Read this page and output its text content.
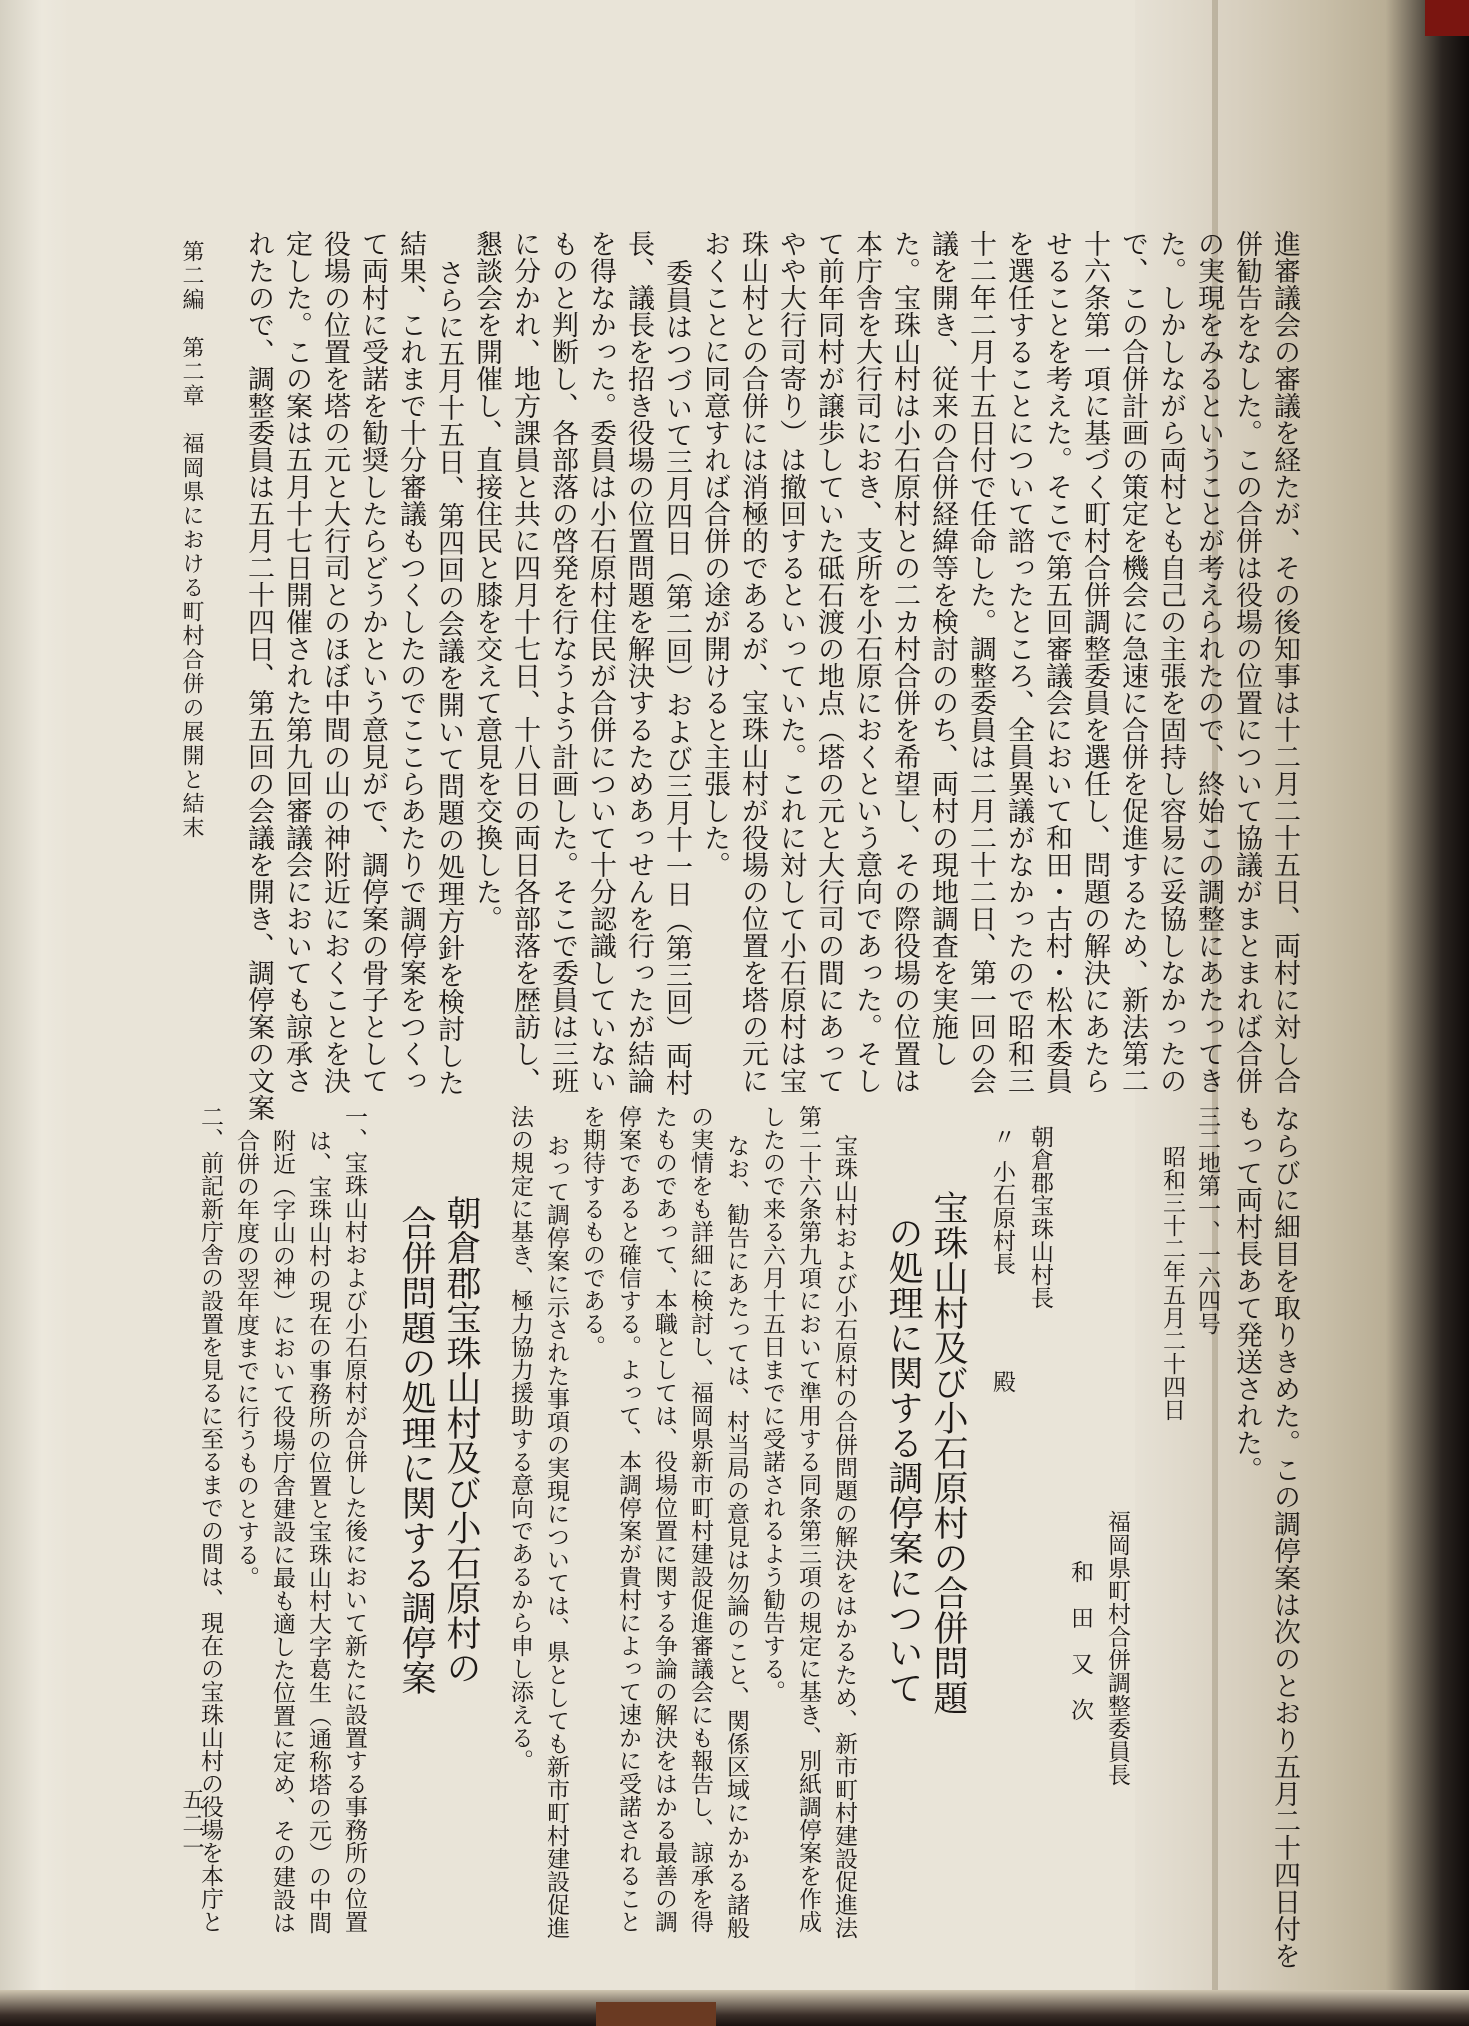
進審議会の審議を経たが、その後知事は十二月二十五日、両村に対し合
併勧告をなした。この合併は役場の位置について協議がまとまれば合併
の実現をみるということが考えられたので、終始この調整にあたってき
た。しかしながら両村とも自己の主張を固持し容易に妥協しなかったの
で、この合併計画の策定を機会に急速に合併を促進するため、新法第二
十六条第一項に基づく町村合併調整委員を選任し、問題の解決にあたら
せることを考えた。そこで第五回審議会において和田・古村・松木委員
を選任することについて諮ったところ、全員異議がなかったので昭和三
十二年二月十五日付で任命した。調整委員は二月二十二日、第一回の会
議を開き、従来の合併経緯等を検討ののち、両村の現地調査を実施し
た。宝珠山村は小石原村との二カ村合併を希望し、その際役場の位置は
本庁舎を大行司におき、支所を小石原におくという意向であった。そし
て前年同村が譲歩していた砥石渡の地点（塔の元と大行司の間にあって
やや大行司寄り）は撤回するといっていた。これに対して小石原村は宝
珠山村との合併には消極的であるが、宝珠山村が役場の位置を塔の元に
おくことに同意すれば合併の途が開けると主張した。
委員はつづいて三月四日（第二回）および三月十一日（第三回）両村
長、議長を招き役場の位置問題を解決するためあっせんを行ったが結論
を得なかった。委員は小石原村住民が合併について十分認識していない
ものと判断し、各部落の啓発を行なうよう計画した。そこで委員は三班
に分かれ、地方課員と共に四月十七日、十八日の両日各部落を歴訪し、
懇談会を開催し、直接住民と膝を交えて意見を交換した。
さらに五月十五日、第四回の会議を開いて問題の処理方針を検討した
結果、これまで十分審議もつくしたのでここらあたりで調停案をつくっ
て両村に受諾を勧奨したらどうかという意見がで、調停案の骨子として
役場の位置を塔の元と大行司とのほぼ中間の山の神附近におくことを決
定した。この案は五月十七日開催された第九回審議会においても諒承さ
れたので、調整委員は五月二十四日、第五回の会議を開き、調停案の文案
第二編　第二章　福岡県における町村合併の展開と結末
ならびに細目を取りきめた。この調停案は次のとおり五月二十四日付を
もって両村長あて発送された。
三二地第一、一六四号
昭和三十二年五月二十四日
福岡県町村合併調整委員長
和　田　又　次
朝倉郡宝珠山村長
〃
小石原村長
殿
宝珠山村及び小石原村の合併問題
の処理に関する調停案について
宝珠山村および小石原村の合併問題の解決をはかるため、新市町村建設促進法
第二十六条第九項において準用する同条第三項の規定に基き、別紙調停案を作成
したので来る六月十五日までに受諾されるよう勧告する。
なお、勧告にあたっては、村当局の意見は勿論のこと、関係区域にかかる諸般
の実情をも詳細に検討し、福岡県新市町村建設促進審議会にも報告し、諒承を得
たものであって、本職としては、役場位置に関する争論の解決をはかる最善の調
停案であると確信する。よって、本調停案が貴村によって速かに受諾されること
を期待するものである。
おって調停案に示された事項の実現については、県としても新市町村建設促進
法の規定に基き、極力協力援助する意向であるから申し添える。
朝倉郡宝珠山村及び小石原村の
合併問題の処理に関する調停案
一、宝珠山村および小石原村が合併した後において新たに設置する事務所の位置
は、宝珠山村の現在の事務所の位置と宝珠山村大字葛生（通称塔の元）の中間
附近（字山の神）において役場庁舎建設に最も適した位置に定め、その建設は
合併の年度の翌年度までに行うものとする。
二、前記新庁舎の設置を見るに至るまでの間は、現在の宝珠山村の役場を本庁と
五二一
